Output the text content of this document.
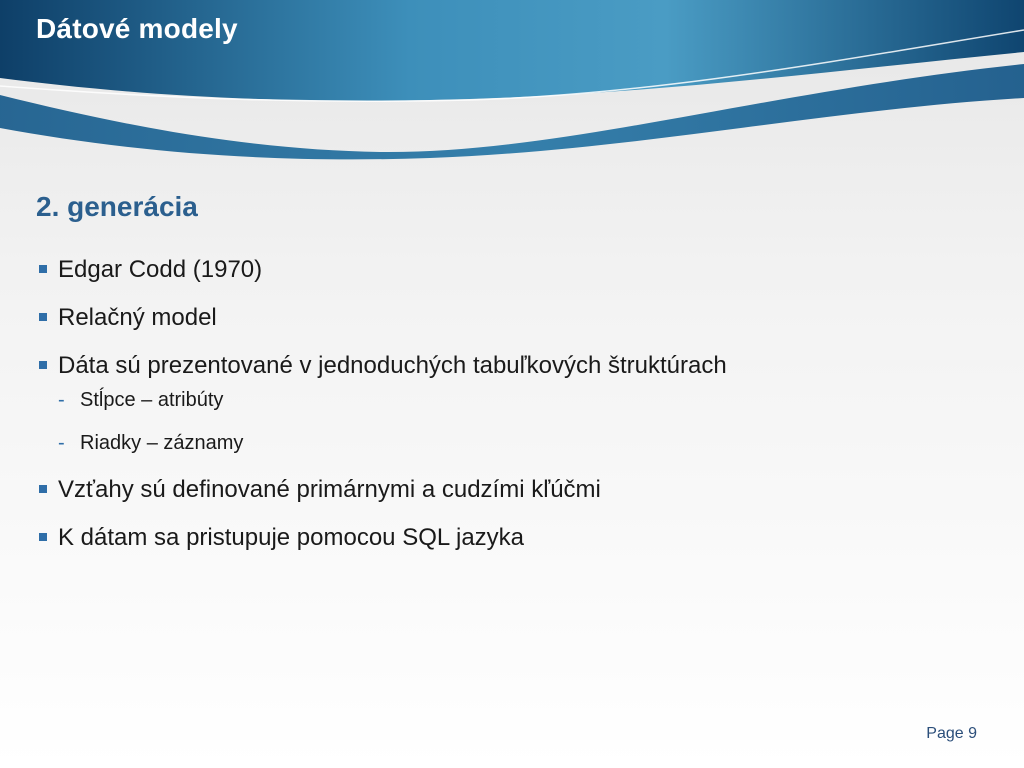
Dátové modely
2. generácia
Edgar Codd (1970)
Relačný model
Dáta sú prezentované v jednoduchých tabuľkových štruktúrach
- Stĺpce – atribúty
- Riadky – záznamy
Vzťahy sú definované primárnymi a cudzími kľúčmi
K dátam sa pristupuje pomocou SQL jazyka
Page 9
